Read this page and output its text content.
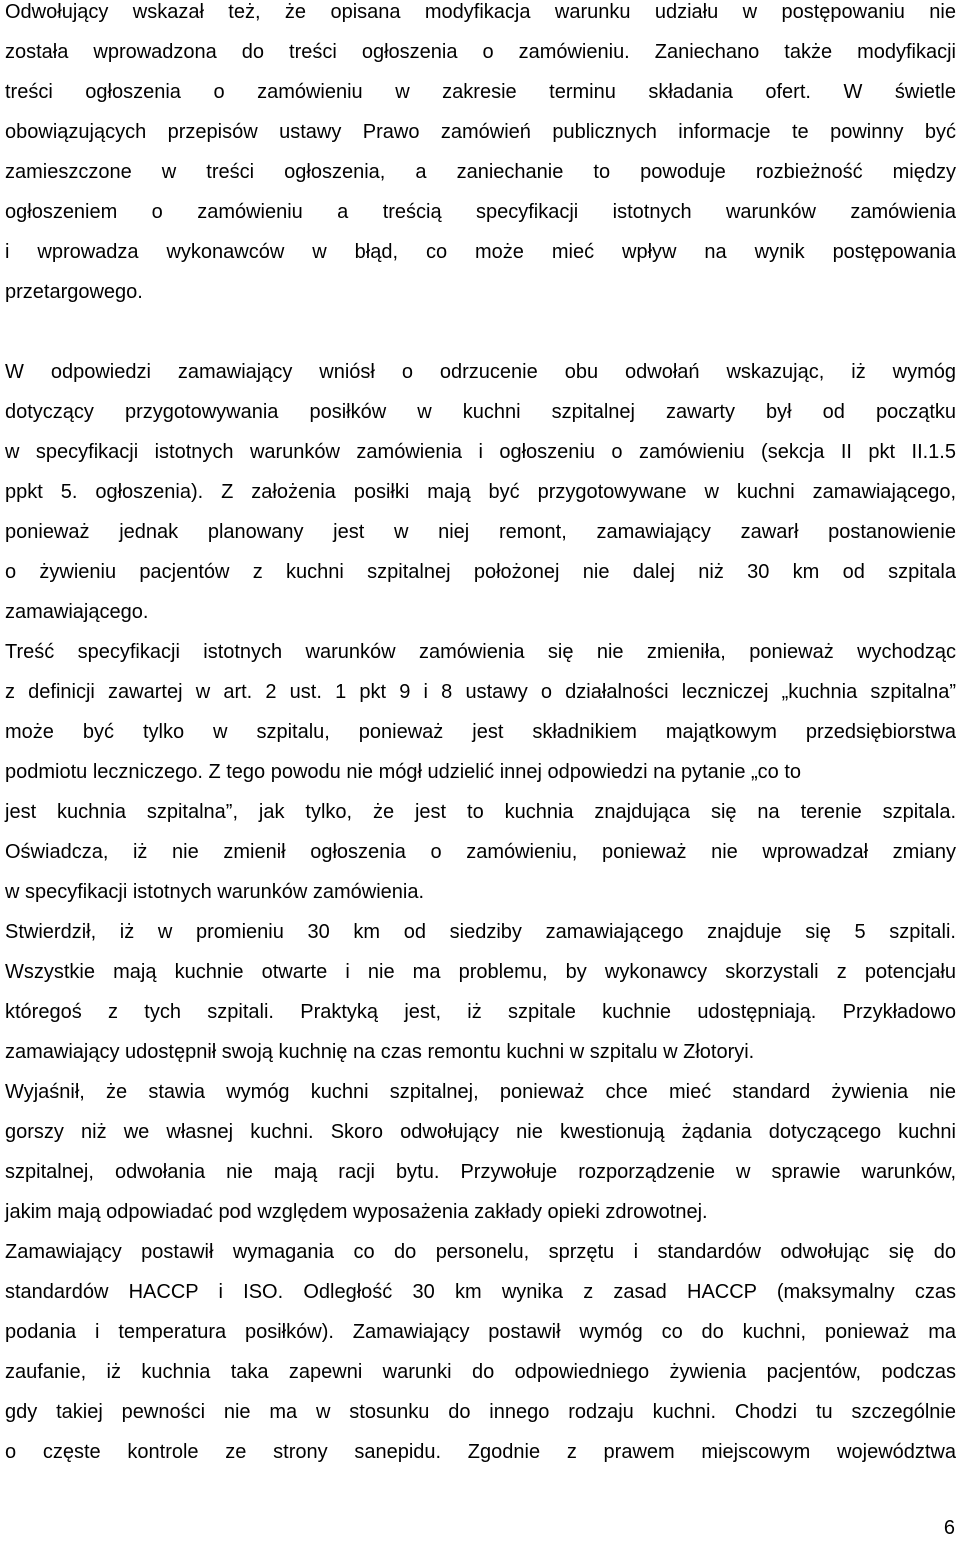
Odwołujący wskazał też, że opisana modyfikacja warunku udziału w postępowaniu nie
została wprowadzona do treści ogłoszenia o zamówieniu. Zaniechano także modyfikacji
treści ogłoszenia o zamówieniu w zakresie terminu składania ofert. W świetle
obowiązujących przepisów ustawy Prawo zamówień publicznych informacje te powinny być
zamieszczone w treści ogłoszenia, a zaniechanie to powoduje rozbieżność między
ogłoszeniem o zamówieniu a treścią specyfikacji istotnych warunków zamówienia
i wprowadza wykonawców w błąd, co może mieć wpływ na wynik postępowania
przetargowego.
W odpowiedzi zamawiający wniósł o odrzucenie obu odwołań wskazując, iż wymóg
dotyczący przygotowywania posiłków w kuchni szpitalnej zawarty był od początku
w specyfikacji istotnych warunków zamówienia i ogłoszeniu o zamówieniu (sekcja II pkt II.1.5
ppkt 5. ogłoszenia). Z założenia posiłki mają być przygotowywane w kuchni zamawiającego,
ponieważ jednak planowany jest w niej remont, zamawiający zawarł postanowienie
o żywieniu pacjentów z kuchni szpitalnej położonej nie dalej niż 30 km od szpitala
zamawiającego.
Treść specyfikacji istotnych warunków zamówienia się nie zmieniła, ponieważ wychodząc
z definicji zawartej w art. 2 ust. 1 pkt 9 i 8 ustawy o działalności leczniczej „kuchnia szpitalna”
może być tylko w szpitalu, ponieważ jest składnikiem majątkowym przedsiębiorstwa
podmiotu leczniczego. Z tego powodu nie mógł udzielić innej odpowiedzi na pytanie „co to
jest kuchnia szpitalna”, jak tylko, że jest to kuchnia znajdująca się na terenie szpitala.
Oświadcza, iż nie zmienił ogłoszenia o zamówieniu, ponieważ nie wprowadzał zmiany
w specyfikacji istotnych warunków zamówienia.
Stwierdził, iż w promieniu 30 km od siedziby zamawiającego znajduje się 5 szpitali.
Wszystkie mają kuchnie otwarte i nie ma problemu, by wykonawcy skorzystali z potencjału
któregoś z tych szpitali. Praktyką jest, iż szpitale kuchnie udostępniają. Przykładowo
zamawiający udostępnił swoją kuchnię na czas remontu kuchni w szpitalu w Złotoryi.
Wyjaśnił, że stawia wymóg kuchni szpitalnej, ponieważ chce mieć standard żywienia nie
gorszy niż we własnej kuchni. Skoro odwołujący nie kwestionują żądania dotyczącego kuchni
szpitalnej, odwołania nie mają racji bytu. Przywołuje rozporządzenie w sprawie warunków,
jakim mają odpowiadać pod względem wyposażenia zakłady opieki zdrowotnej.
Zamawiający postawił wymagania co do personelu, sprzętu i standardów odwołując się do
standardów HACCP i ISO. Odległość 30 km wynika z zasad HACCP (maksymalny czas
podania i temperatura posiłków). Zamawiający postawił wymóg co do kuchni, ponieważ ma
zaufanie, iż kuchnia taka zapewni warunki do odpowiedniego żywienia pacjentów, podczas
gdy takiej pewności nie ma w stosunku do innego rodzaju kuchni. Chodzi tu szczególnie
o częste kontrole ze strony sanepidu. Zgodnie z prawem miejscowym województwa
6
